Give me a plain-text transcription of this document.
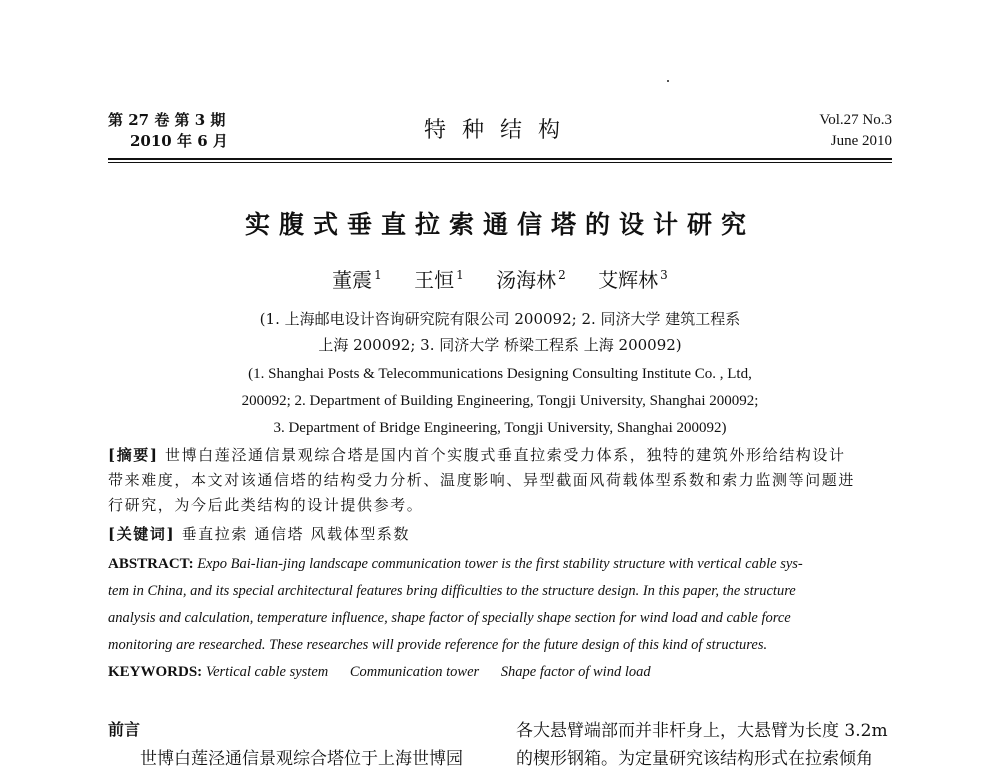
第 27 卷 第 3 期
2010 年 6 月	特种结构	Vol.27 No.3
June 2010
实腹式垂直拉索通信塔的设计研究
董震 $^1$ 王恒 $^1$ 汤海林 $^2$ 艾辉林 $^3$
(1. 上海邮电设计咨询研究院有限公司 200092; 2. 同济大学 建筑工程系
上海 200092; 3. 同济大学 桥梁工程系 上海 200092)
(1. Shanghai Posts & Telecommunications Designing Consulting Institute Co. , Ltd,
200092; 2. Department of Building Engineering, Tongji University, Shanghai 200092;
3. Department of Bridge Engineering, Tongji University, Shanghai 200092)
[摘要] 世博白莲泾通信景观综合塔是国内首个实腹式垂直拉索受力体系，独特的建筑外形给结构设计
带来难度，本文对该通信塔的结构受力分析、温度影响、异型截面风荷载体型系数和索力监测等问题进
行研究，为今后此类结构的设计提供参考。
[关键词] 垂直拉索 通信塔 风载体型系数
ABSTRACT: Expo Bai-lian-jing landscape communication tower is the first stability structure with vertical cable sys-
tem in China, and its special architectural features bring difficulties to the structure design. In this paper, the structure
analysis and calculation, temperature influence, shape factor of specially shape section for wind load and cable force
monitoring are researched. These researches will provide reference for the future design of this kind of structures.
KEYWORDS: Vertical cable system Communication tower Shape factor of wind load
前言
世博白莲泾通信景观综合塔位于上海世博园
各大悬臂端部而并非杆身上，大悬臂为长度 3.2m
的楔形钢箱。为定量研究该结构形式在拉索倾角
